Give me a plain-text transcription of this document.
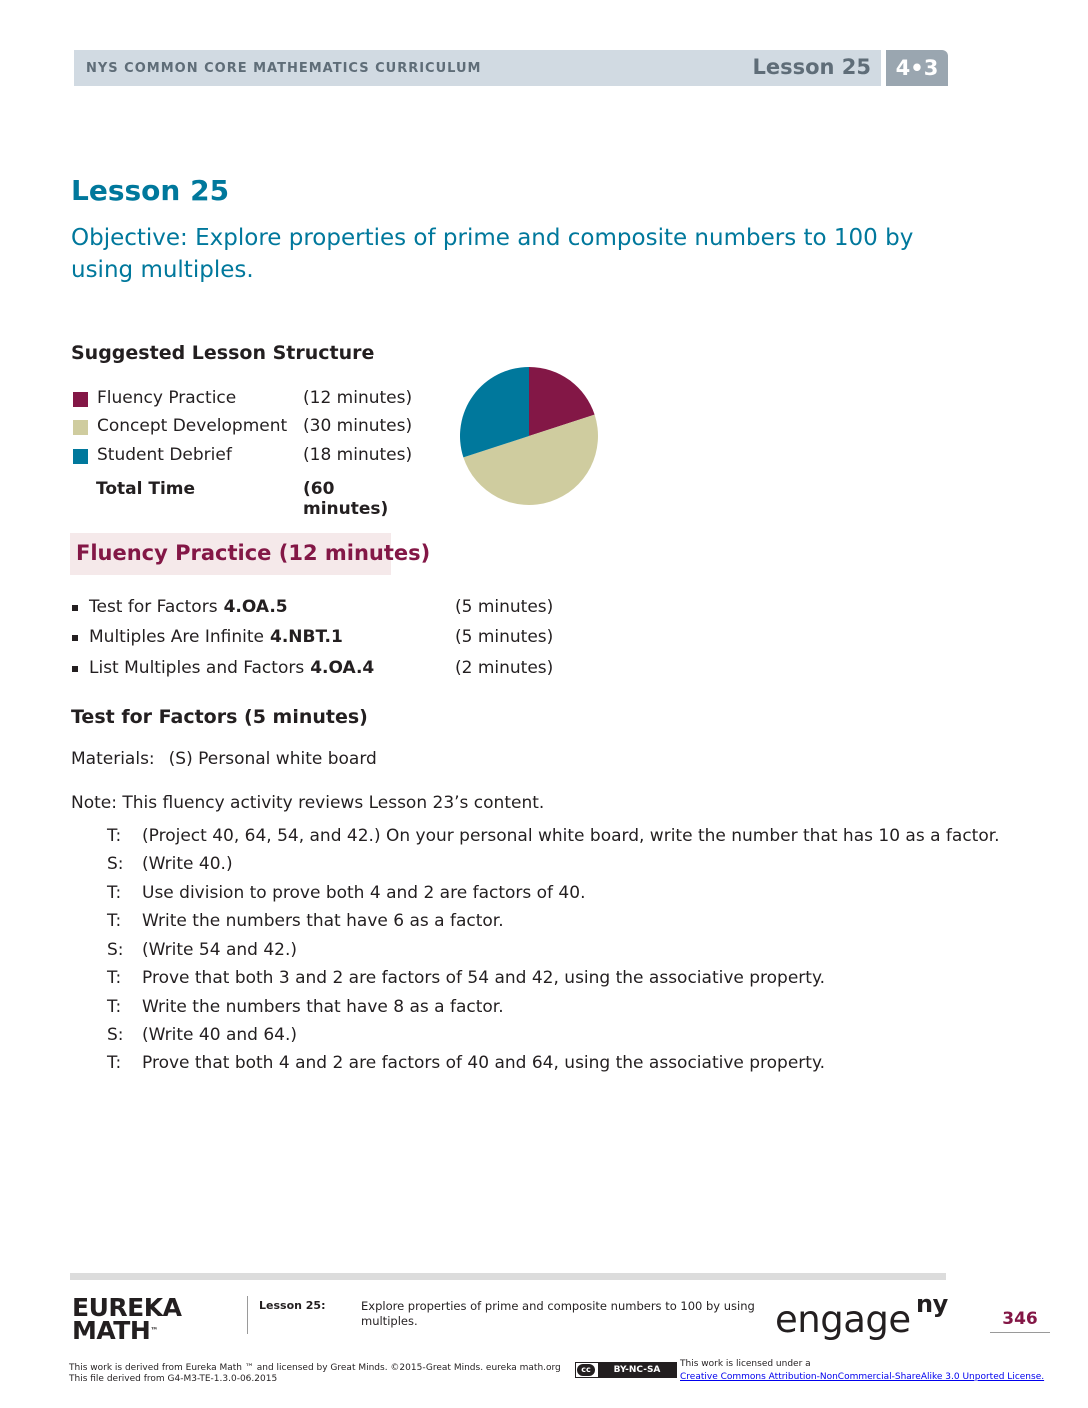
NYS COMMON CORE MATHEMATICS CURRICULUM	Lesson 25	4•3
Lesson 25
Objective: Explore properties of prime and composite numbers to 100 by using multiples.
Suggested Lesson Structure
Fluency Practice	(12 minutes)
Concept Development (30 minutes)
Student Debrief	(18 minutes)
Total Time	(60 minutes)
Fluency Practice (12 minutes)
Test for Factors 4.OA.5	(5 minutes)
Multiples Are Infinite 4.NBT.1	(5 minutes)
List Multiples and Factors 4.OA.4	(2 minutes)
Test for Factors (5 minutes)
Materials: (S) Personal white board
Note: This fluency activity reviews Lesson 23’s content.
T: (Project 40, 64, 54, and 42.) On your personal white board, write the number that has 10 as a factor.
S: (Write 40.)
T: Use division to prove both 4 and 2 are factors of 40.
T: Write the numbers that have 6 as a factor.
S: (Write 54 and 42.)
T: Prove that both 3 and 2 are factors of 54 and 42, using the associative property.
T: Write the numbers that have 8 as a factor.
S: (Write 40 and 64.)
T: Prove that both 4 and 2 are factors of 40 and 64, using the associative property.
EUREKA
MATH™
Lesson 25:	Explore properties of prime and composite numbers to 100 by using multiples.	engage ny
346
This work is derived from Eureka Math ™ and licensed by Great Minds. ©2015-Great Minds. eureka math.org
This file derived from G4-M3-TE-1.3.0-06.2015
cc	BY-NC-SA
This work is licensed under a
Creative Commons Attribution-NonCommercial-ShareAlike 3.0 Unported License.
